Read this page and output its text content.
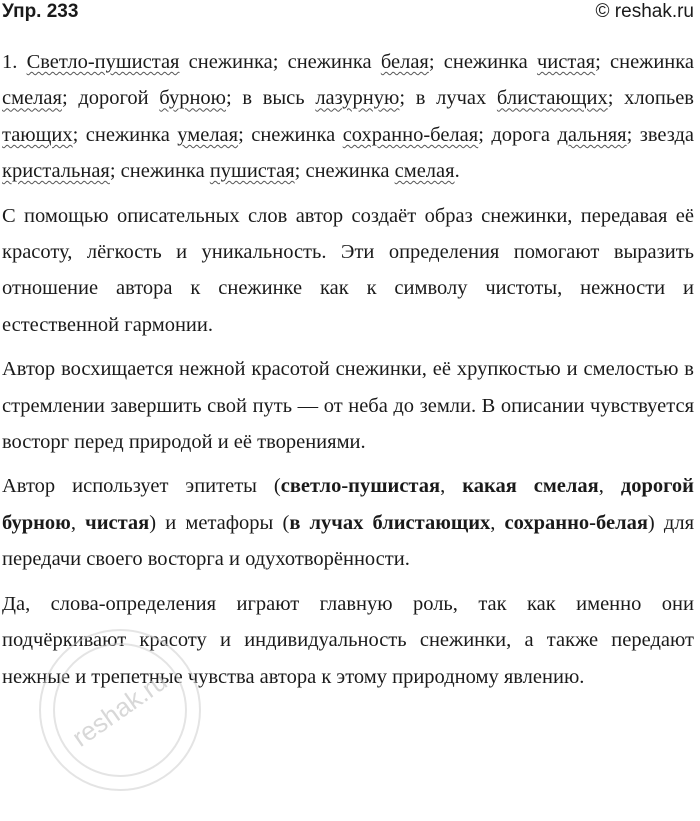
Упр. 233	© reshak.ru

1. Светло-пушистая снежинка; снежинка белая; снежинка чистая; снежинка смелая; дорогой бурною; в высь лазурную; в лучах блистающих; хлопьев тающих; снежинка умелая; снежинка сохранно-белая; дорога дальняя; звезда кристальная; снежинка пушистая; снежинка смелая.

С помощью описательных слов автор создаёт образ снежинки, передавая её красоту, лёгкость и уникальность. Эти определения помогают выразить отношение автора к снежинке как к символу чистоты, нежности и естественной гармонии.

Автор восхищается нежной красотой снежинки, её хрупкостью и смелостью в стремлении завершить свой путь — от неба до земли. В описании чувствуется восторг перед природой и её творениями.

Автор использует эпитеты (светло-пушистая, какая смелая, дорогой бурною, чистая) и метафоры (в лучах блистающих, сохранно-белая) для передачи своего восторга и одухотворённости.

Да, слова-определения играют главную роль, так как именно они подчёркивают красоту и индивидуальность снежинки, а также передают нежные и трепетные чувства автора к этому природному явлению.

reshak.ru
